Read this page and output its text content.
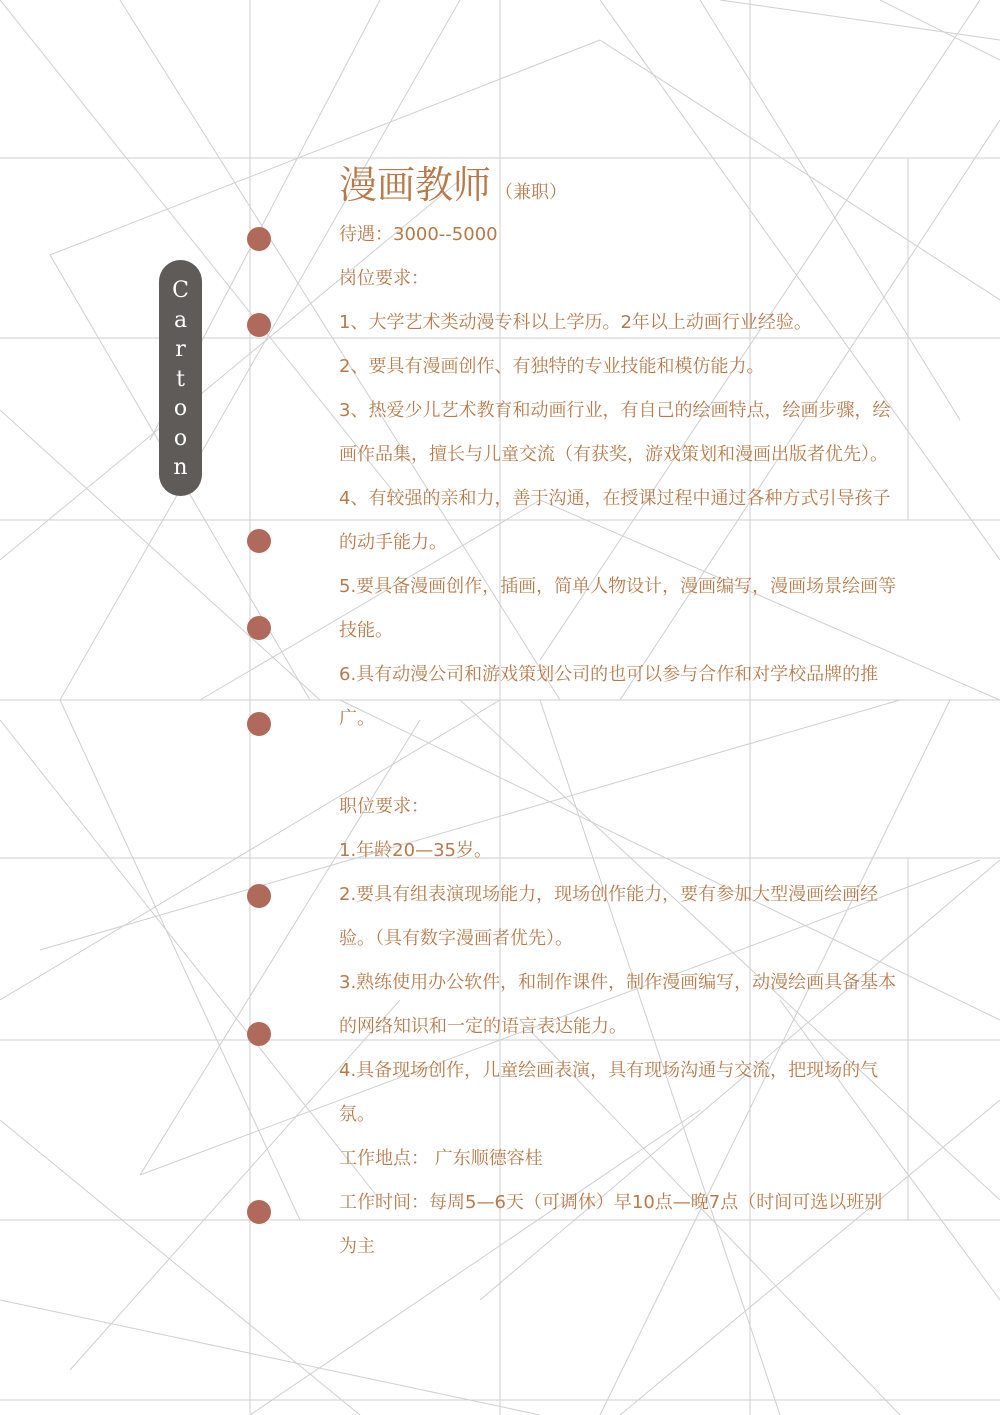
C
a
r
t
o
o
n
漫画教师 （兼职）

待遇：3000--5000

岗位要求：

1、大学艺术类动漫专科以上学历。2年以上动画行业经验。

2、要具有漫画创作、有独特的专业技能和模仿能力。

3、热爱少儿艺术教育和动画行业，有自己的绘画特点，绘画步骤，绘画作品集，擅长与儿童交流（有获奖，游戏策划和漫画出版者优先）。

4、有较强的亲和力，善于沟通，在授课过程中通过各种方式引导孩子的动手能力。

5.要具备漫画创作，插画，简单人物设计，漫画编写，漫画场景绘画等技能。

6.具有动漫公司和游戏策划公司的也可以参与合作和对学校品牌的推广。

职位要求：

1.年龄20—35岁。

2.要具有组表演现场能力，现场创作能力，要有参加大型漫画绘画经验。（具有数字漫画者优先）。

3.熟练使用办公软件，和制作课件，制作漫画编写，动漫绘画具备基本的网络知识和一定的语言表达能力。

4.具备现场创作，儿童绘画表演，具有现场沟通与交流，把现场的气氛。

工作地点： 广东顺德容桂

工作时间：每周5—6天（可调休）早10点—晚7点（时间可选以班别为主
